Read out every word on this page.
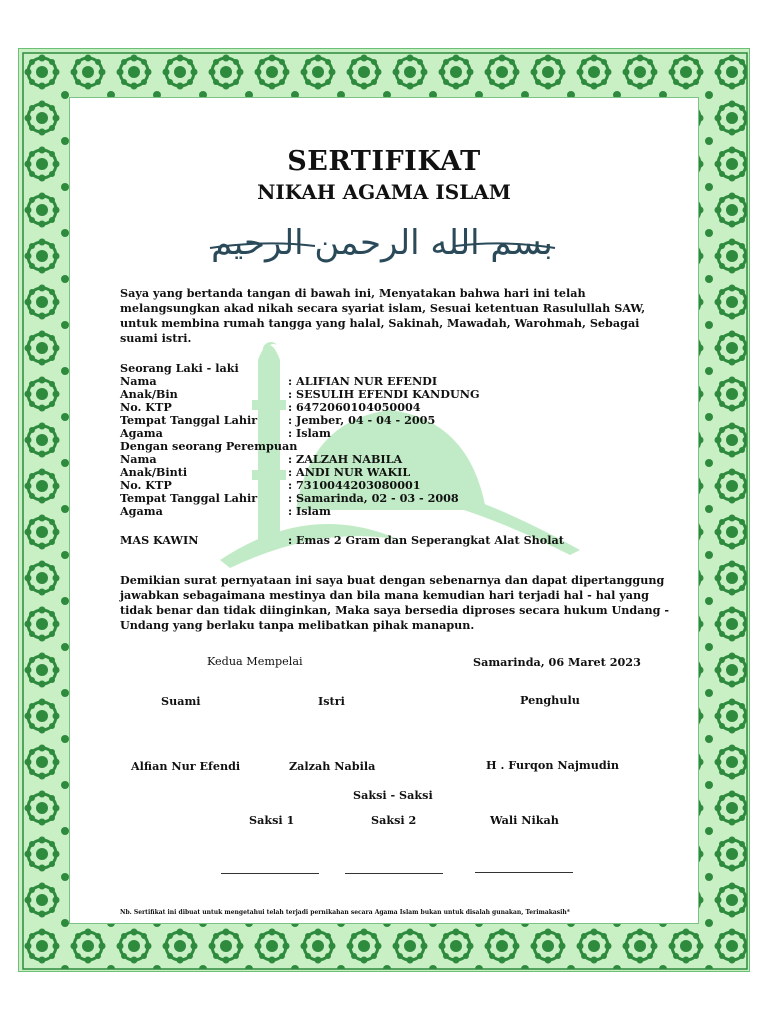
SERTIFIKAT
NIKAH AGAMA ISLAM
بسم الله الرحمن الرحيم
Saya yang bertanda tangan di bawah ini, Menyatakan bahwa hari ini telah melangsungkan akad nikah secara syariat islam, Sesuai ketentuan Rasulullah SAW, untuk membina rumah tangga yang halal, Sakinah, Mawadah, Warohmah, Sebagai suami istri.
Seorang Laki - laki
Nama	: ALIFIAN NUR EFENDI
Anak/Bin	: SESULIH EFENDI KANDUNG
No. KTP	: 6472060104050004
Tempat Tanggal Lahir	: Jember, 04 - 04 - 2005
Agama	: Islam
Dengan seorang Perempuan
Nama	: ZALZAH NABILA
Anak/Binti	: ANDI NUR WAKIL
No. KTP	: 7310044203080001
Tempat Tanggal Lahir	: Samarinda, 02 - 03 - 2008
Agama	: Islam
MAS KAWIN	: Emas 2 Gram dan Seperangkat Alat Sholat
Demikian surat pernyataan ini saya buat dengan sebenarnya dan dapat dipertanggung jawabkan sebagaimana mestinya dan bila mana kemudian hari terjadi hal - hal yang tidak benar dan tidak diinginkan, Maka saya bersedia diproses secara hukum Undang - Undang yang berlaku tanpa melibatkan pihak manapun.
Kedua Mempelai	Samarinda, 06 Maret 2023
Suami	Istri	Penghulu
Alfian Nur Efendi	Zalzah Nabila	H . Furqon Najmudin
Saksi - Saksi
Saksi 1	Saksi 2	Wali Nikah
Nb. Sertifikat ini dibuat untuk mengetahui telah terjadi pernikahan secara Agama Islam bukan untuk disalah gunakan, Terimakasih*
